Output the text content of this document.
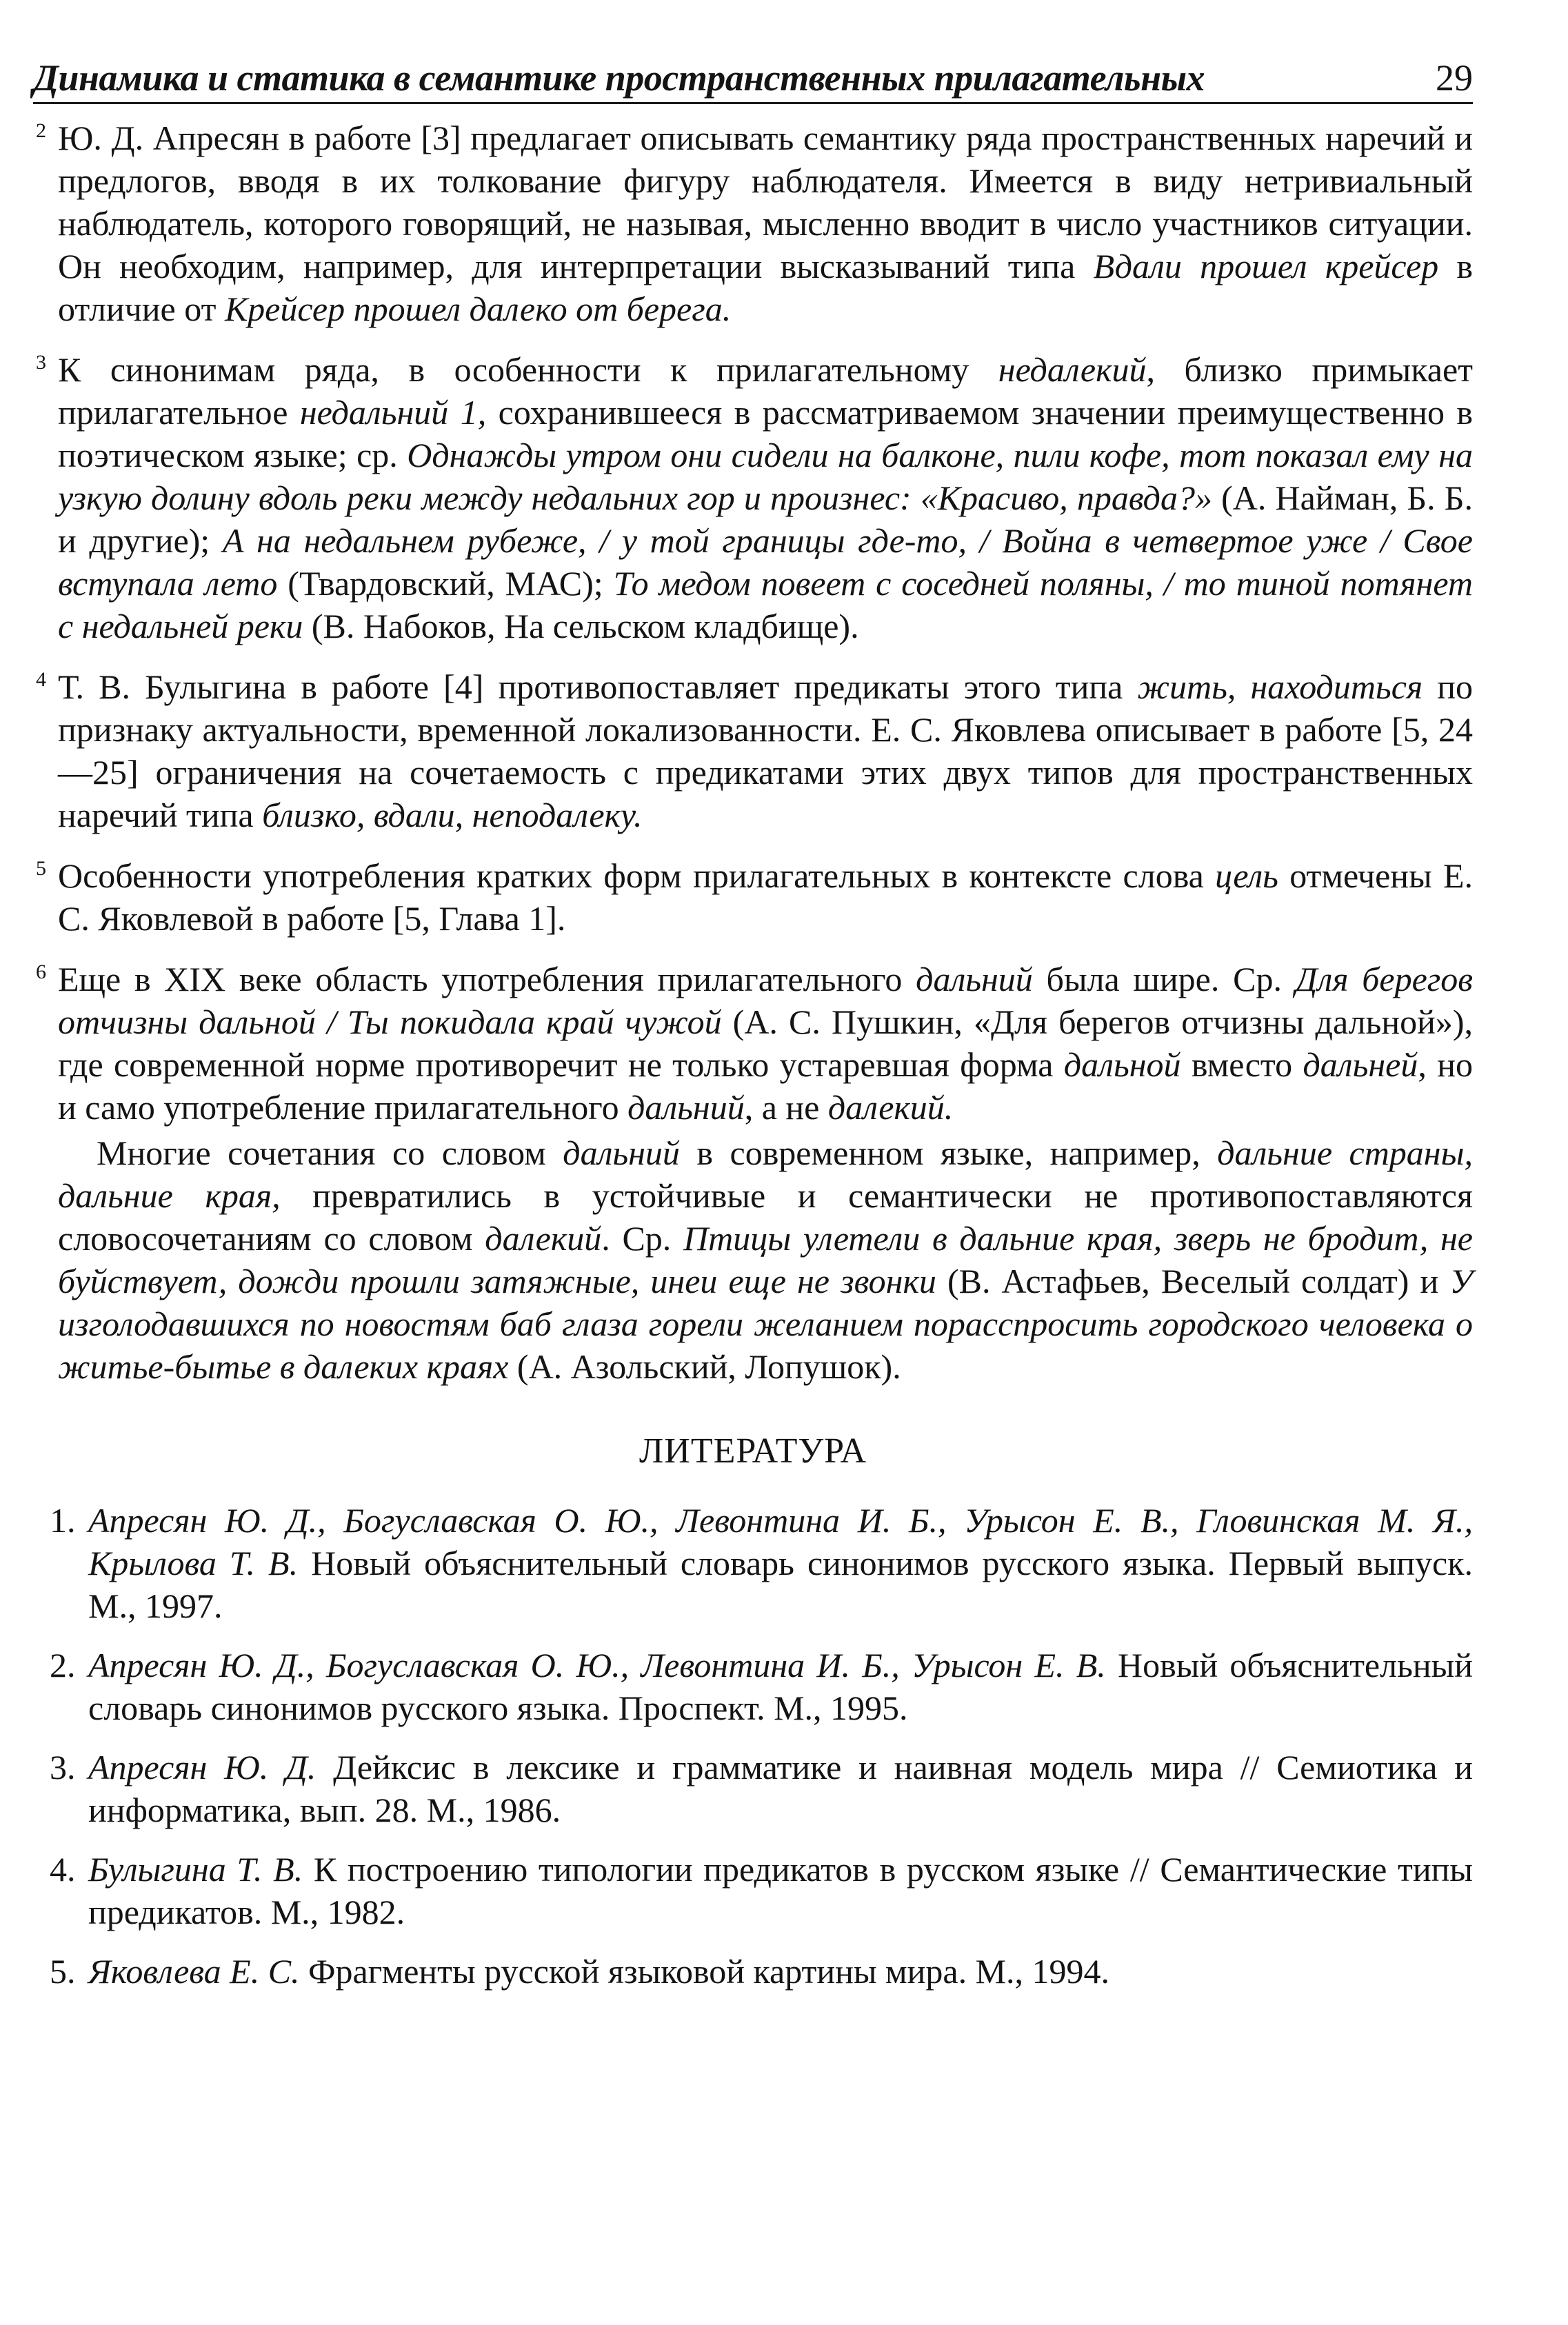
Динамика и статика в семантике пространственных прилагательных	29
2 Ю. Д. Апресян в работе [3] предлагает описывать семантику ряда пространственных наречий и предлогов, вводя в их толкование фигуру наблюдателя. Имеется в виду нетривиальный наблюдатель, которого говорящий, не называя, мысленно вводит в число участников ситуации. Он необходим, например, для интерпретации высказываний типа Вдали прошел крейсер в отличие от Крейсер прошел далеко от берега.

3 К синонимам ряда, в особенности к прилагательному недалекий, близко примыкает прилагательное недальний 1, сохранившееся в рассматриваемом значении преимущественно в поэтическом языке; ср. Однажды утром они сидели на балконе, пили кофе, тот показал ему на узкую долину вдоль реки между недальних гор и произнес: «Красиво, правда?» (А. Найман, Б. Б. и другие); А на недальнем рубеже, / у той границы где-то, / Война в четвертое уже / Свое вступала лето (Твардовский, МАС); То медом повеет с соседней поляны, / то тиной потянет с недальней реки (В. Набоков, На сельском кладбище).

4 Т. В. Булыгина в работе [4] противопоставляет предикаты этого типа жить, находиться по признаку актуальности, временной локализованности. Е. С. Яковлева описывает в работе [5, 24—25] ограничения на сочетаемость с предикатами этих двух типов для пространственных наречий типа близко, вдали, неподалеку.

5 Особенности употребления кратких форм прилагательных в контексте слова цель отмечены Е. С. Яковлевой в работе [5, Глава 1].

6 Еще в XIX веке область употребления прилагательного дальний была шире. Ср. Для берегов отчизны дальной / Ты покидала край чужой (А. С. Пушкин, «Для берегов отчизны дальной»), где современной норме противоречит не только устаревшая форма дальной вместо дальней, но и само употребление прилагательного дальний, а не далекий.

Многие сочетания со словом дальний в современном языке, например, дальние страны, дальние края, превратились в устойчивые и семантически не противопоставляются словосочетаниям со словом далекий. Ср. Птицы улетели в дальние края, зверь не бродит, не буйствует, дожди прошли затяжные, инеи еще не звонки (В. Астафьев, Веселый солдат) и У изголодавшихся по новостям баб глаза горели желанием порасспросить городского человека о житье-бытье в далеких краях (А. Азольский, Лопушок).

ЛИТЕРАТУРА
1. Апресян Ю. Д., Богуславская О. Ю., Левонтина И. Б., Урысон Е. В., Гловинская М. Я., Крылова Т. В. Новый объяснительный словарь синонимов русского языка. Первый выпуск. М., 1997.
2. Апресян Ю. Д., Богуславская О. Ю., Левонтина И. Б., Урысон Е. В. Новый объяснительный словарь синонимов русского языка. Проспект. М., 1995.
3. Апресян Ю. Д. Дейксис в лексике и грамматике и наивная модель мира // Семиотика и информатика, вып. 28. М., 1986.
4. Булыгина Т. В. К построению типологии предикатов в русском языке // Семантические типы предикатов. М., 1982.
5. Яковлева Е. С. Фрагменты русской языковой картины мира. М., 1994.
